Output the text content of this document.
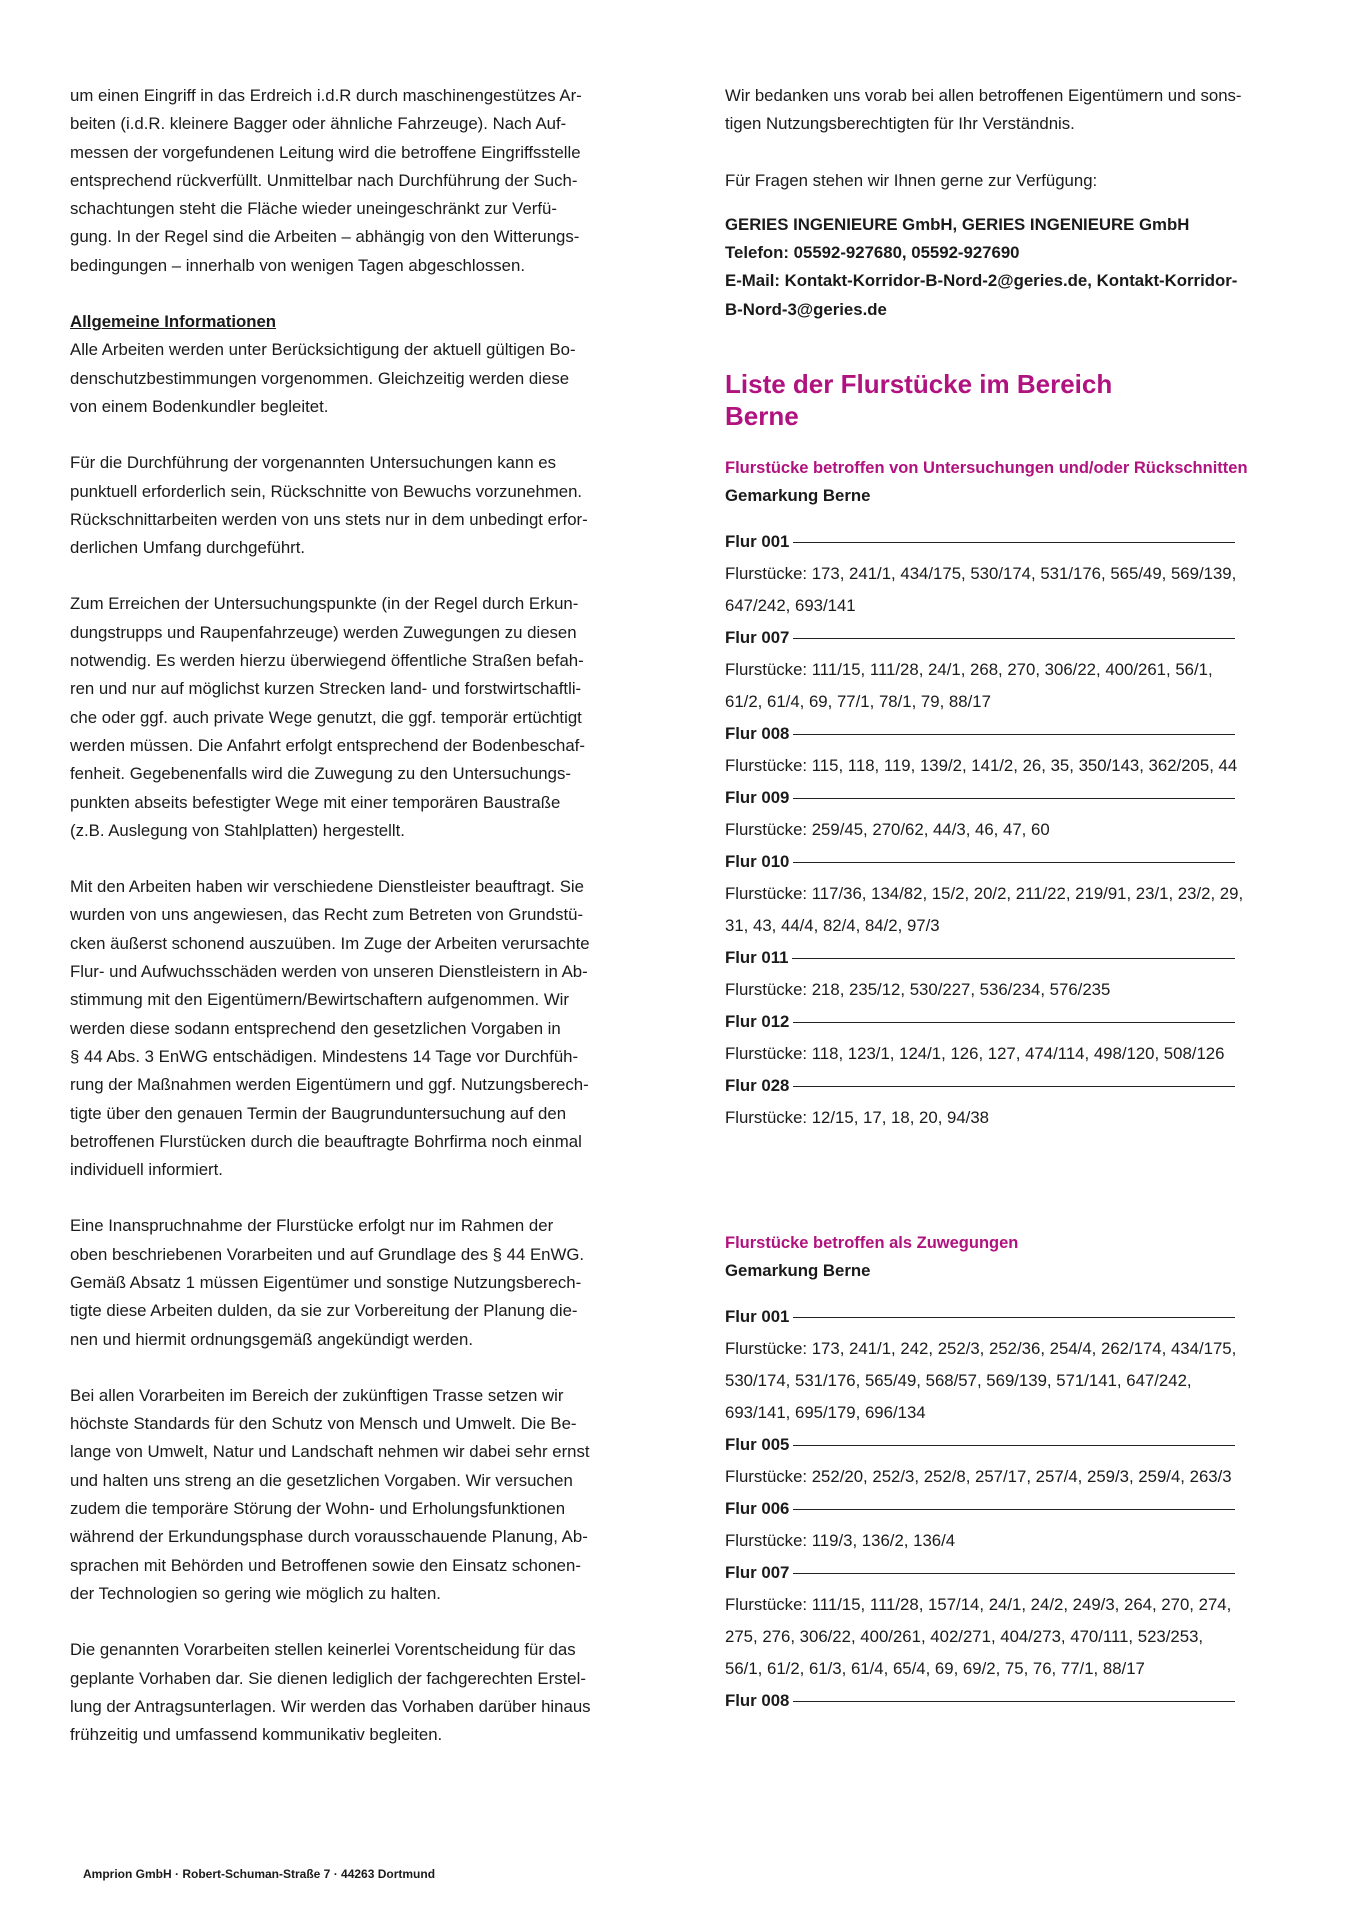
um einen Eingriff in das Erdreich i.d.R durch maschinengestützes Ar-
beiten (i.d.R. kleinere Bagger oder ähnliche Fahrzeuge). Nach Auf-
messen der vorgefundenen Leitung wird die betroffene Eingriffsstelle
entsprechend rückverfüllt. Unmittelbar nach Durchführung der Such-
schachtungen steht die Fläche wieder uneingeschränkt zur Verfü-
gung. In der Regel sind die Arbeiten – abhängig von den Witterungs-
bedingungen – innerhalb von wenigen Tagen abgeschlossen.
Allgemeine Informationen
Alle Arbeiten werden unter Berücksichtigung der aktuell gültigen Bo-
denschutzbestimmungen vorgenommen. Gleichzeitig werden diese
von einem Bodenkundler begleitet.
Für die Durchführung der vorgenannten Untersuchungen kann es
punktuell erforderlich sein, Rückschnitte von Bewuchs vorzunehmen.
Rückschnittarbeiten werden von uns stets nur in dem unbedingt erfor-
derlichen Umfang durchgeführt.
Zum Erreichen der Untersuchungspunkte (in der Regel durch Erkun-
dungstrupps und Raupenfahrzeuge) werden Zuwegungen zu diesen
notwendig. Es werden hierzu überwiegend öffentliche Straßen befah-
ren und nur auf möglichst kurzen Strecken land- und forstwirtschaftli-
che oder ggf. auch private Wege genutzt, die ggf. temporär ertüchtigt
werden müssen. Die Anfahrt erfolgt entsprechend der Bodenbeschaf-
fenheit. Gegebenenfalls wird die Zuwegung zu den Untersuchungs-
punkten abseits befestigter Wege mit einer temporären Baustraße
(z.B. Auslegung von Stahlplatten) hergestellt.
Mit den Arbeiten haben wir verschiedene Dienstleister beauftragt. Sie
wurden von uns angewiesen, das Recht zum Betreten von Grundstü-
cken äußerst schonend auszuüben. Im Zuge der Arbeiten verursachte
Flur- und Aufwuchsschäden werden von unseren Dienstleistern in Ab-
stimmung mit den Eigentümern/Bewirtschaftern aufgenommen. Wir
werden diese sodann entsprechend den gesetzlichen Vorgaben in
§ 44 Abs. 3 EnWG entschädigen. Mindestens 14 Tage vor Durchfüh-
rung der Maßnahmen werden Eigentümern und ggf. Nutzungsberech-
tigte über den genauen Termin der Baugrunduntersuchung auf den
betroffenen Flurstücken durch die beauftragte Bohrfirma noch einmal
individuell informiert.
Eine Inanspruchnahme der Flurstücke erfolgt nur im Rahmen der
oben beschriebenen Vorarbeiten und auf Grundlage des § 44 EnWG.
Gemäß Absatz 1 müssen Eigentümer und sonstige Nutzungsberech-
tigte diese Arbeiten dulden, da sie zur Vorbereitung der Planung die-
nen und hiermit ordnungsgemäß angekündigt werden.
Bei allen Vorarbeiten im Bereich der zukünftigen Trasse setzen wir
höchste Standards für den Schutz von Mensch und Umwelt. Die Be-
lange von Umwelt, Natur und Landschaft nehmen wir dabei sehr ernst
und halten uns streng an die gesetzlichen Vorgaben. Wir versuchen
zudem die temporäre Störung der Wohn- und Erholungsfunktionen
während der Erkundungsphase durch vorausschauende Planung, Ab-
sprachen mit Behörden und Betroffenen sowie den Einsatz schonen-
der Technologien so gering wie möglich zu halten.
Die genannten Vorarbeiten stellen keinerlei Vorentscheidung für das
geplante Vorhaben dar. Sie dienen lediglich der fachgerechten Erstel-
lung der Antragsunterlagen. Wir werden das Vorhaben darüber hinaus
frühzeitig und umfassend kommunikativ begleiten.
Wir bedanken uns vorab bei allen betroffenen Eigentümern und sons-
tigen Nutzungsberechtigten für Ihr Verständnis.
Für Fragen stehen wir Ihnen gerne zur Verfügung:
GERIES INGENIEURE GmbH, GERIES INGENIEURE GmbH
Telefon: 05592-927680, 05592-927690
E-Mail: Kontakt-Korridor-B-Nord-2@geries.de, Kontakt-Korridor-
B-Nord-3@geries.de
Liste der Flurstücke im Bereich
Berne
Flurstücke betroffen von Untersuchungen und/oder Rückschnitten
Gemarkung Berne
Flur 001
Flurstücke: 173, 241/1, 434/175, 530/174, 531/176, 565/49, 569/139,
647/242, 693/141
Flur 007
Flurstücke: 111/15, 111/28, 24/1, 268, 270, 306/22, 400/261, 56/1,
61/2, 61/4, 69, 77/1, 78/1, 79, 88/17
Flur 008
Flurstücke: 115, 118, 119, 139/2, 141/2, 26, 35, 350/143, 362/205, 44
Flur 009
Flurstücke: 259/45, 270/62, 44/3, 46, 47, 60
Flur 010
Flurstücke: 117/36, 134/82, 15/2, 20/2, 211/22, 219/91, 23/1, 23/2, 29,
31, 43, 44/4, 82/4, 84/2, 97/3
Flur 011
Flurstücke: 218, 235/12, 530/227, 536/234, 576/235
Flur 012
Flurstücke: 118, 123/1, 124/1, 126, 127, 474/114, 498/120, 508/126
Flur 028
Flurstücke: 12/15, 17, 18, 20, 94/38
Flurstücke betroffen als Zuwegungen
Gemarkung Berne
Flur 001
Flurstücke: 173, 241/1, 242, 252/3, 252/36, 254/4, 262/174, 434/175,
530/174, 531/176, 565/49, 568/57, 569/139, 571/141, 647/242,
693/141, 695/179, 696/134
Flur 005
Flurstücke: 252/20, 252/3, 252/8, 257/17, 257/4, 259/3, 259/4, 263/3
Flur 006
Flurstücke: 119/3, 136/2, 136/4
Flur 007
Flurstücke: 111/15, 111/28, 157/14, 24/1, 24/2, 249/3, 264, 270, 274,
275, 276, 306/22, 400/261, 402/271, 404/273, 470/111, 523/253,
56/1, 61/2, 61/3, 61/4, 65/4, 69, 69/2, 75, 76, 77/1, 88/17
Flur 008
Amprion GmbH · Robert-Schuman-Straße 7 · 44263 Dortmund
